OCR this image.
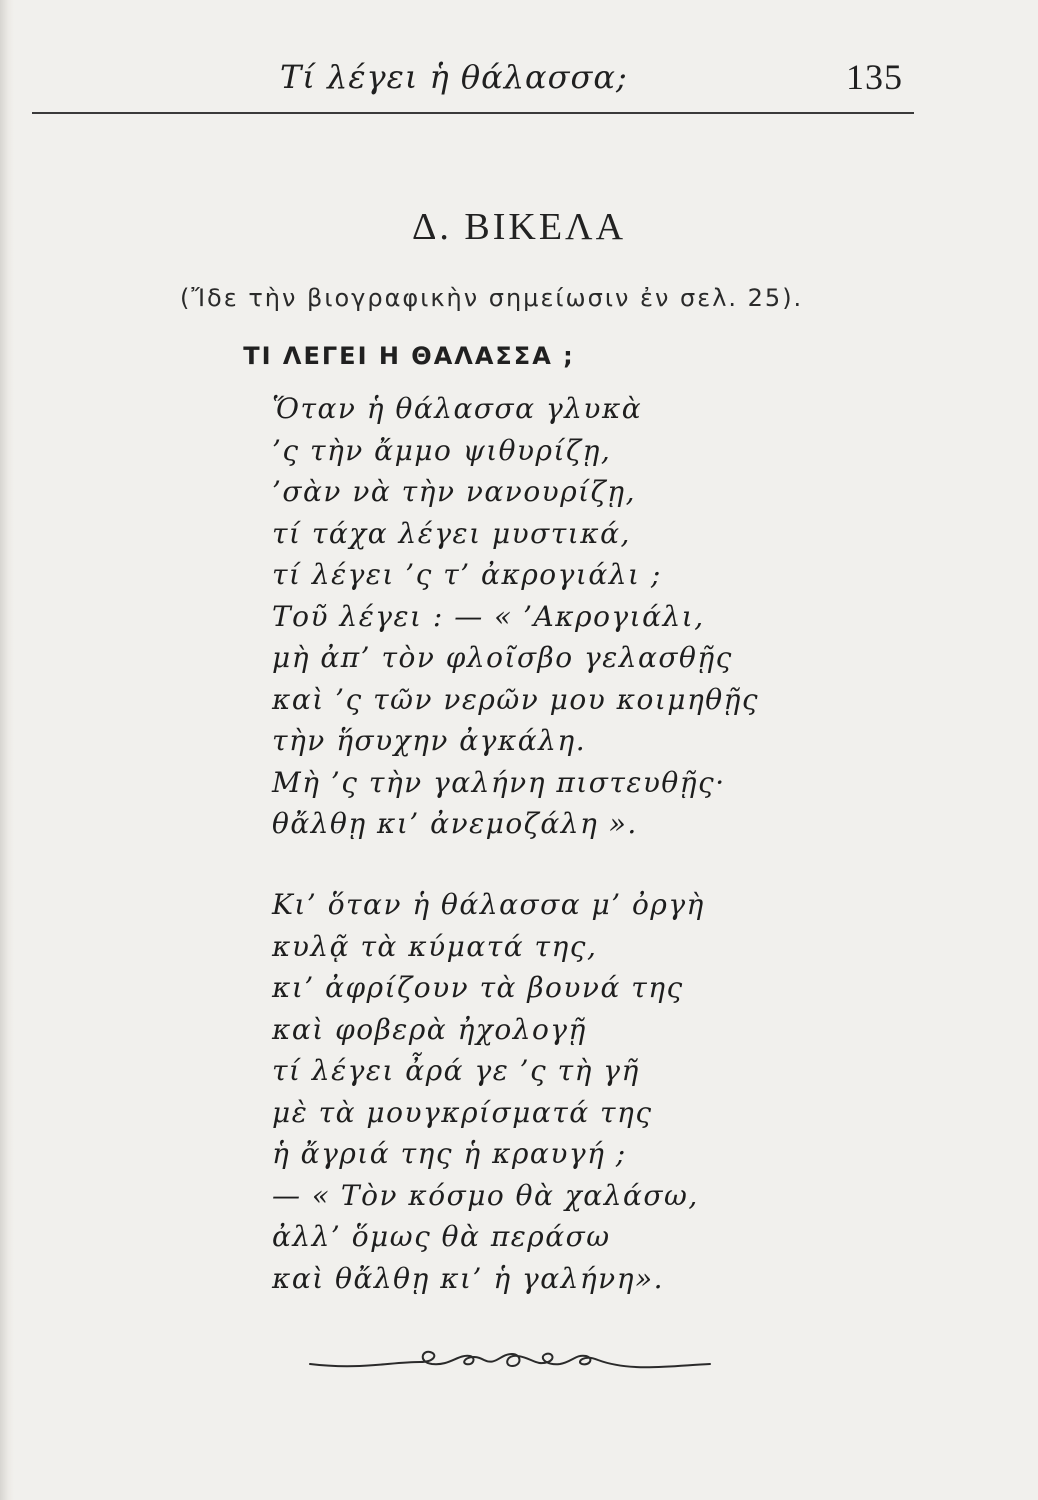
Τί λέγει ἡ θάλασσα;	135
Δ. ΒΙΚΕΛΑ
(Ἴδε τὴν βιογραφικὴν σημείωσιν ἐν σελ. 25).
ΤΙ ΛΕΓΕΙ Η ΘΑΛΑΣΣΑ ;
Ὅταν ἡ θάλασσα γλυκὰ
’ς τὴν ἄμμο ψιθυρίζῃ,
’σὰν νὰ τὴν νανουρίζῃ,
τί τάχα λέγει μυστικά,
τί λέγει ’ς τ’ ἀκρογιάλι ;
Τοῦ λέγει : — « ’Ακρογιάλι,
μὴ ἀπ’ τὸν φλοῖσβο γελασθῇς
καὶ ’ς τῶν νερῶν μου κοιμηθῇς
τὴν ἥσυχην ἀγκάλη.
Μὴ ’ς τὴν γαλήνη πιστευθῇς·
θἄλθῃ κι’ ἀνεμοζάλη ».
Κι’ ὅταν ἡ θάλασσα μ’ ὀργὴ
κυλᾷ τὰ κύματά της,
κι’ ἀφρίζουν τὰ βουνά της
καὶ φοβερὰ ἠχολογῇ
τί λέγει ἆρά γε ’ς τὴ γῆ
μὲ τὰ μουγκρίσματά της
ἡ ἄγριά της ἡ κραυγή ;
— « Τὸν κόσμο θὰ χαλάσω,
ἀλλ’ ὅμως θὰ περάσω
καὶ θἄλθῃ κι’ ἡ γαλήνη».
